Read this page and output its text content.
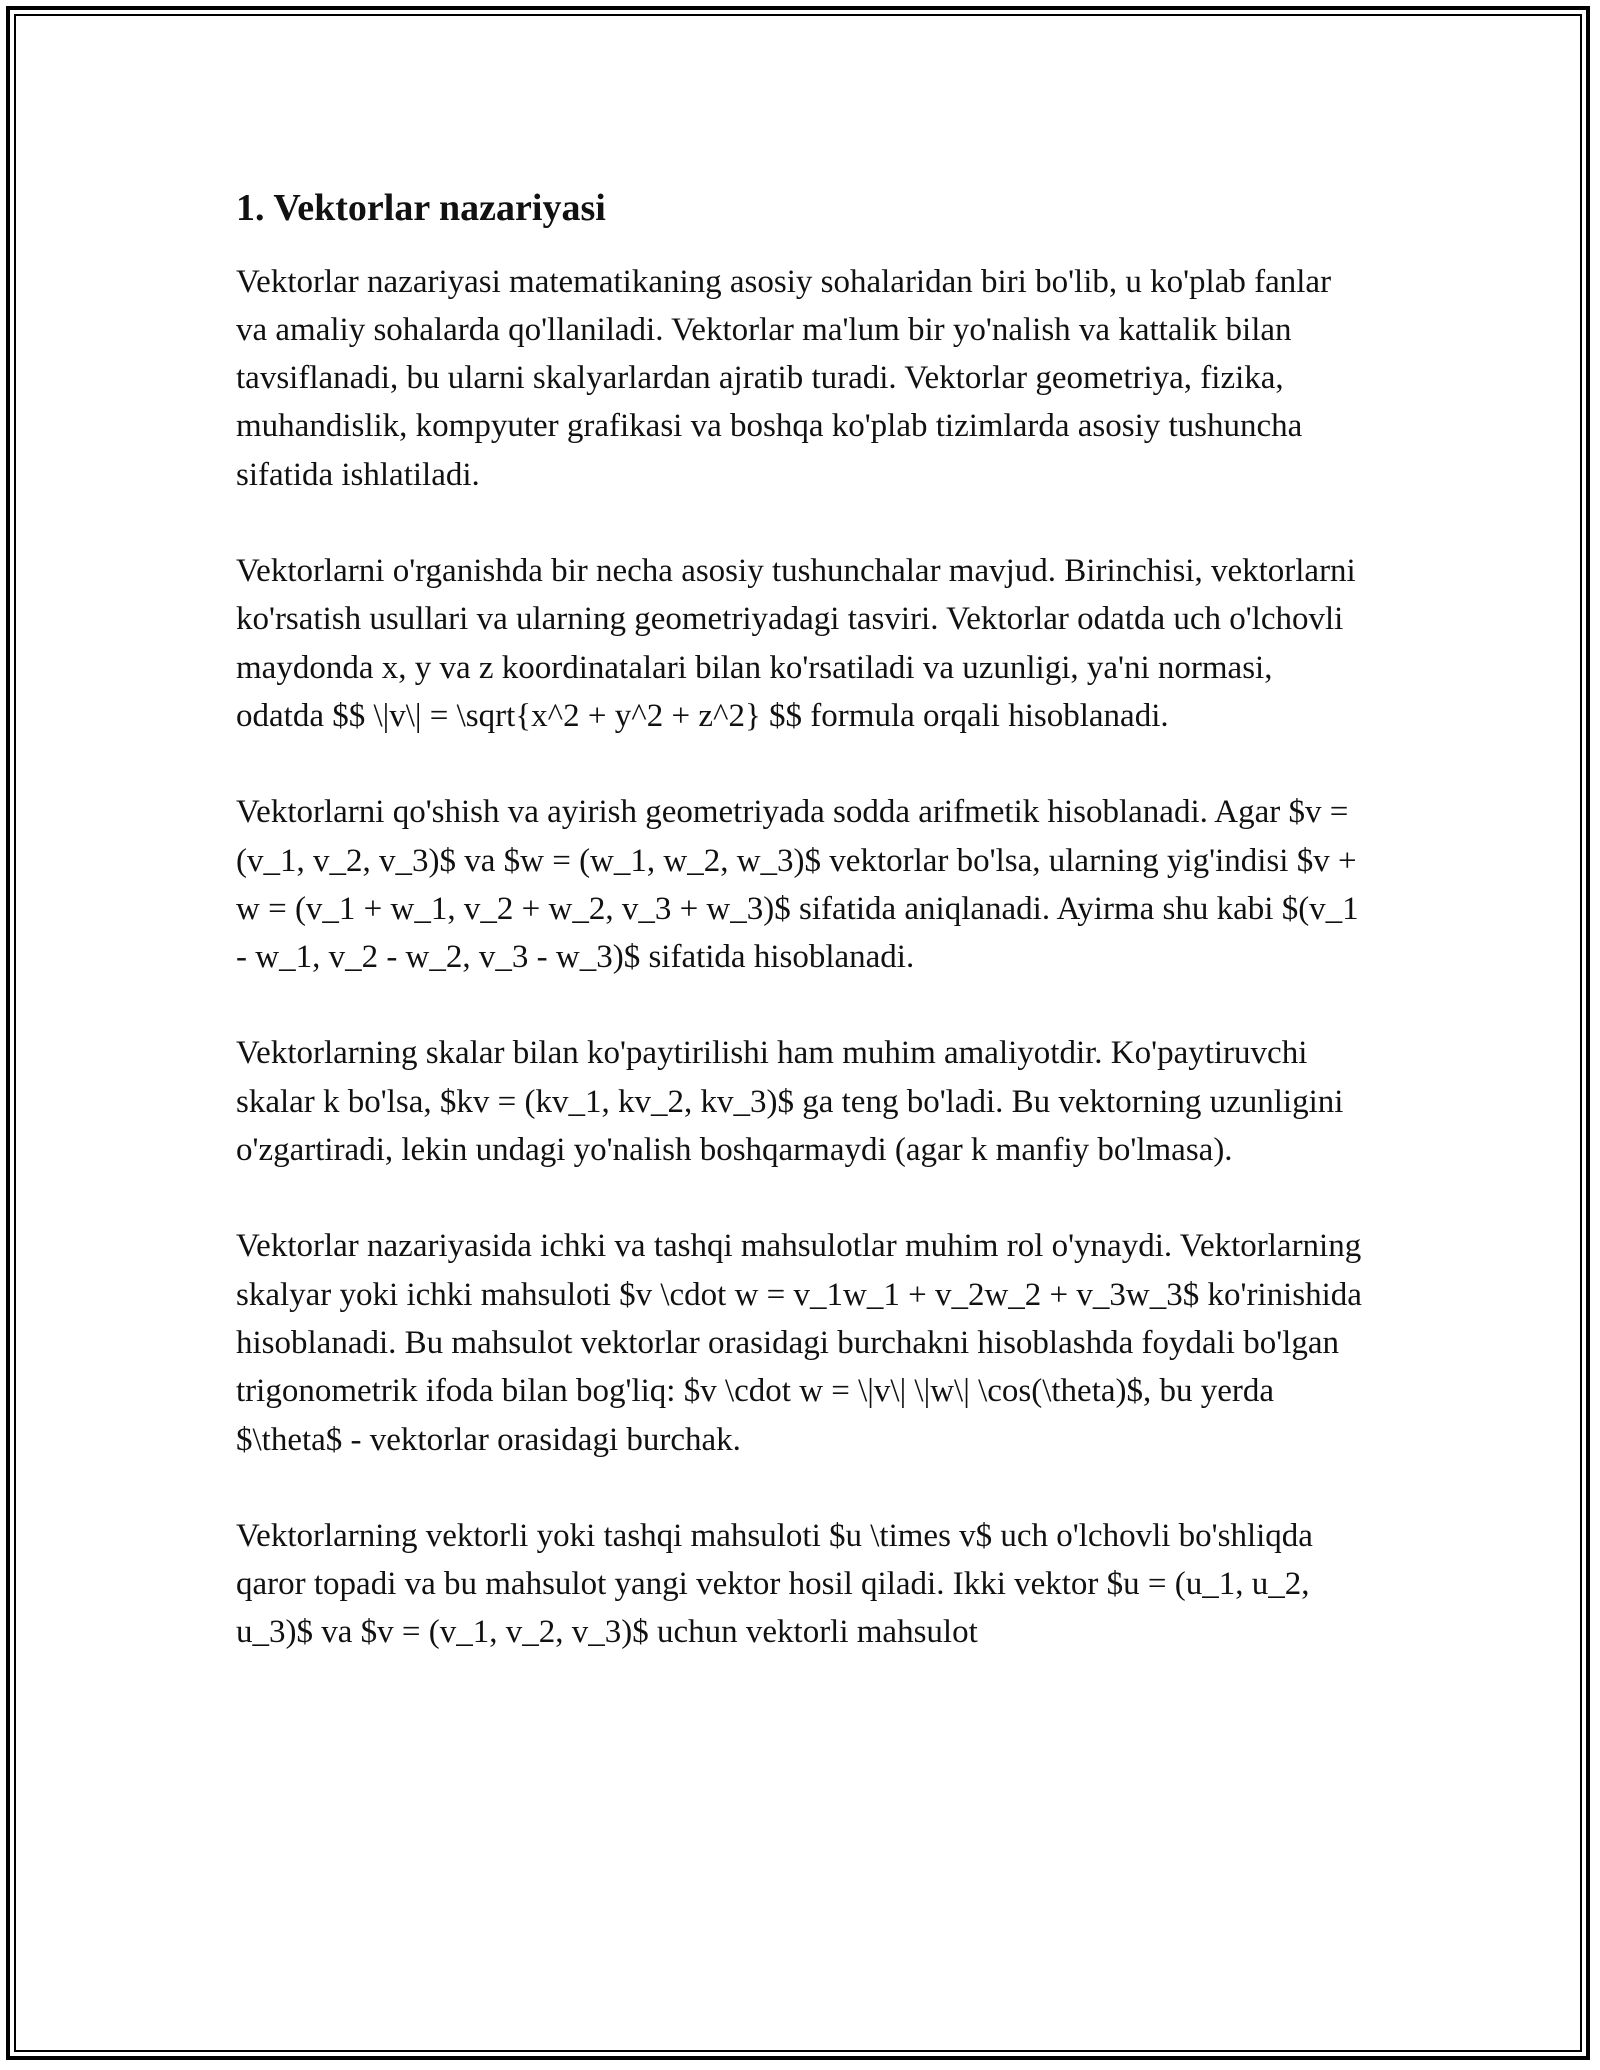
1. Vektorlar nazariyasi

Vektorlar nazariyasi matematikaning asosiy sohalaridan biri bo'lib, u ko'plab fanlar va amaliy sohalarda qo'llaniladi. Vektorlar ma'lum bir yo'nalish va kattalik bilan tavsiflanadi, bu ularni skalyarlardan ajratib turadi. Vektorlar geometriya, fizika, muhandislik, kompyuter grafikasi va boshqa ko'plab tizimlarda asosiy tushuncha sifatida ishlatiladi.

Vektorlarni o'rganishda bir necha asosiy tushunchalar mavjud. Birinchisi, vektorlarni ko'rsatish usullari va ularning geometriyadagi tasviri. Vektorlar odatda uch o'lchovli maydonda x, y va z koordinatalari bilan ko'rsatiladi va uzunligi, ya'ni normasi, odatda $$ \|v\| = \sqrt{x^2 + y^2 + z^2} $$ formula orqali hisoblanadi.

Vektorlarni qo'shish va ayirish geometriyada sodda arifmetik hisoblanadi. Agar $v = (v_1, v_2, v_3)$ va $w = (w_1, w_2, w_3)$ vektorlar bo'lsa, ularning yig'indisi $v + w = (v_1 + w_1, v_2 + w_2, v_3 + w_3)$ sifatida aniqlanadi. Ayirma shu kabi $(v_1 - w_1, v_2 - w_2, v_3 - w_3)$ sifatida hisoblanadi.

Vektorlarning skalar bilan ko'paytirilishi ham muhim amaliyotdir. Ko'paytiruvchi skalar k bo'lsa, $kv = (kv_1, kv_2, kv_3)$ ga teng bo'ladi. Bu vektorning uzunligini o'zgartiradi, lekin undagi yo'nalish boshqarmaydi (agar k manfiy bo'lmasa).

Vektorlar nazariyasida ichki va tashqi mahsulotlar muhim rol o'ynaydi. Vektorlarning skalyar yoki ichki mahsuloti $v \cdot w = v_1w_1 + v_2w_2 + v_3w_3$ ko'rinishida hisoblanadi. Bu mahsulot vektorlar orasidagi burchakni hisoblashda foydali bo'lgan trigonometrik ifoda bilan bog'liq: $v \cdot w = \|v\| \|w\| \cos(\theta)$, bu yerda $\theta$ - vektorlar orasidagi burchak.

Vektorlarning vektorli yoki tashqi mahsuloti $u \times v$ uch o'lchovli bo'shliqda qaror topadi va bu mahsulot yangi vektor hosil qiladi. Ikki vektor $u = (u_1, u_2, u_3)$ va $v = (v_1, v_2, v_3)$ uchun vektorli mahsulot
